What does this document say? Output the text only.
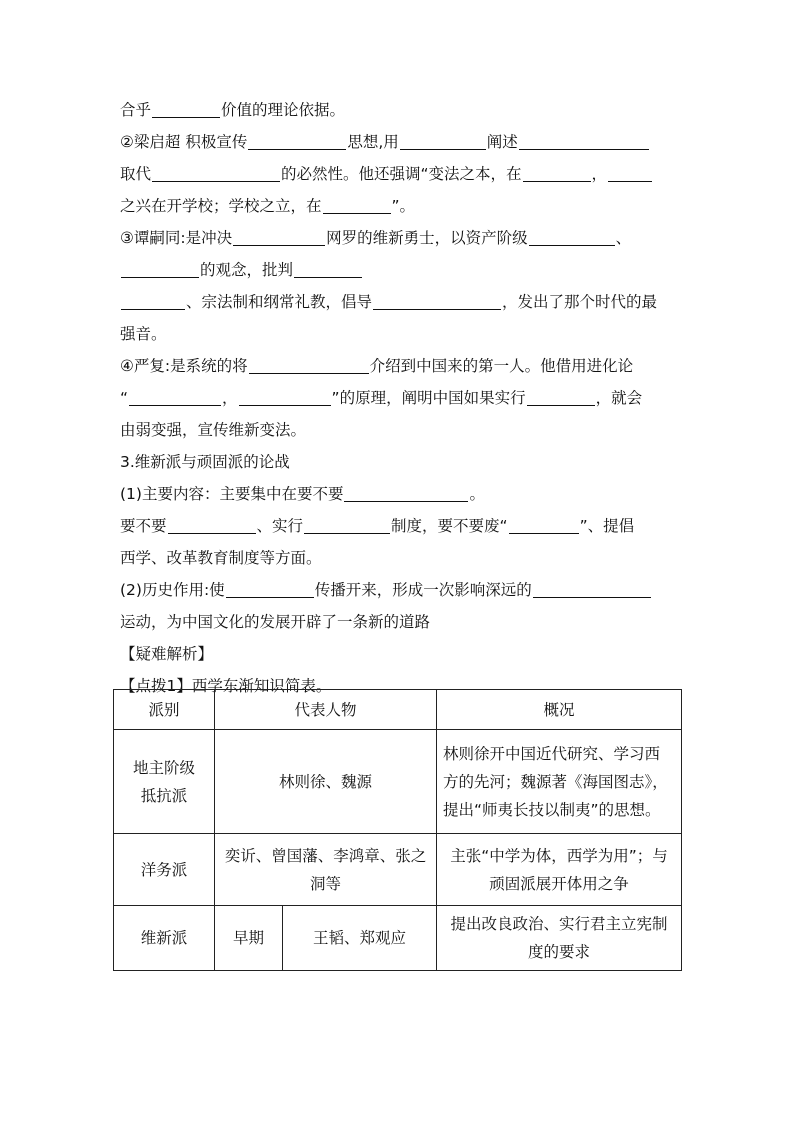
合乎	价值的理论依据。
②梁启超 积极宣传	思想,用	阐述
取代	的必然性。他还强调“变法之本，在	，
之兴在开学校；学校之立，在	”。
③谭嗣同:是冲决	网罗的维新勇士，以资产阶级	、
的观念，批判
、宗法制和纲常礼教，倡导	，发出了那个时代的最
强音。
④严复:是系统的将	介绍到中国来的第一人。他借用进化论
“	，	”的原理，阐明中国如果实行	，就会
由弱变强，宣传维新变法。
3.维新派与顽固派的论战
(1)主要内容：主要集中在要不要	。
要不要	、实行	制度，要不要废“	”、提倡
西学、改革教育制度等方面。
(2)历史作用:使	传播开来，形成一次影响深远的
运动，为中国文化的发展开辟了一条新的道路
【疑难解析】
【点拨1】西学东渐知识简表。
派别	代表人物		概况
地主阶级抵抗派	林则徐、魏源		林则徐开中国近代研究、学习西方的先河；魏源著《海国图志》，提出“师夷长技以制夷”的思想。
洋务派	奕䜣、曾国藩、李鸿章、张之洞等		主张“中学为体，西学为用”；与顽固派展开体用之争
维新派	早期	王韬、郑观应	提出改良政治、实行君主立宪制度的要求
